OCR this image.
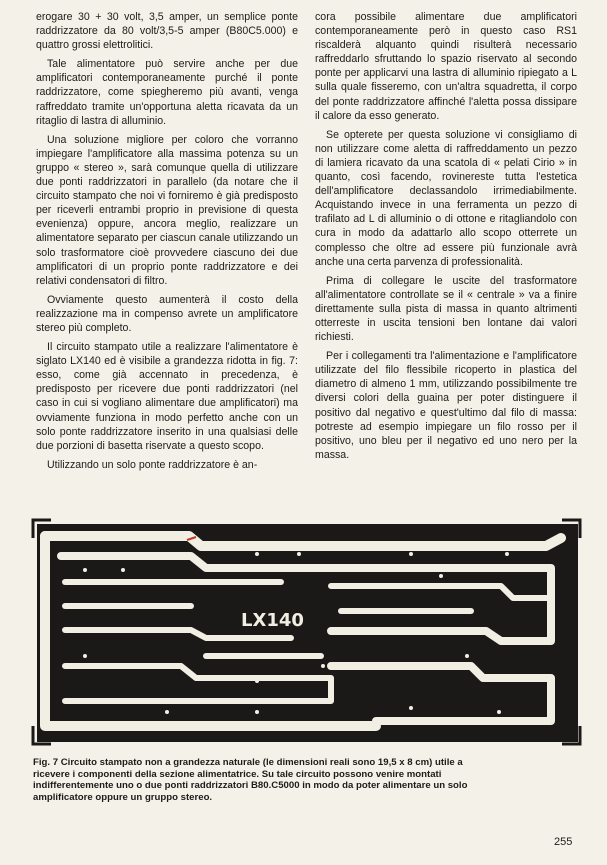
erogare 30 + 30 volt, 3,5 amper, un semplice ponte raddrizzatore da 80 volt/3,5-5 amper (B80C5.000) e quattro grossi elettrolitici.

Tale alimentatore può servire anche per due amplificatori contemporaneamente purché il ponte raddrizzatore, come spiegheremo più avanti, venga raffreddato tramite un'opportuna aletta ricavata da un ritaglio di lastra di alluminio.

Una soluzione migliore per coloro che vorranno impiegare l'amplificatore alla massima potenza su un gruppo « stereo », sarà comunque quella di utilizzare due ponti raddrizzatori in parallelo (da notare che il circuito stampato che noi vi forniremo è già predisposto per riceverli entrambi proprio in previsione di questa evenienza) oppure, ancora meglio, realizzare un alimentatore separato per ciascun canale utilizzando un solo trasformatore cioè provvedere ciascuno dei due amplificatori di un proprio ponte raddrizzatore e dei relativi condensatori di filtro.

Ovviamente questo aumenterà il costo della realizzazione ma in compenso avrete un amplificatore stereo più completo.

Il circuito stampato utile a realizzare l'alimentatore è siglato LX140 ed è visibile a grandezza ridotta in fig. 7: esso, come già accennato in precedenza, è predisposto per ricevere due ponti raddrizzatori (nel caso in cui si vogliano alimentare due amplificatori) ma ovviamente funziona in modo perfetto anche con un solo ponte raddrizzatore inserito in una qualsiasi delle due porzioni di basetta riservate a questo scopo.

Utilizzando un solo ponte raddrizzatore è an-

cora possibile alimentare due amplificatori contemporaneamente però in questo caso RS1 riscalderà alquanto quindi risulterà necessario raffreddarlo sfruttando lo spazio riservato al secondo ponte per applicarvi una lastra di alluminio ripiegato a L sulla quale fisseremo, con un'altra squadretta, il corpo del ponte raddrizzatore affinché l'aletta possa dissipare il calore da esso generato.

Se opterete per questa soluzione vi consigliamo di non utilizzare come aletta di raffreddamento un pezzo di lamiera ricavato da una scatola di « pelati Cirio » in quanto, così facendo, rovinereste tutta l'estetica dell'amplificatore declassandolo irrimediabilmente. Acquistando invece in una ferramenta un pezzo di trafilato ad L di alluminio o di ottone e ritagliandolo con cura in modo da adattarlo allo scopo otterrete un complesso che oltre ad essere più funzionale avrà anche una certa parvenza di professionalità.

Prima di collegare le uscite del trasformatore all'alimentatore controllate se il « centrale » va a finire direttamente sulla pista di massa in quanto altrimenti otterreste in uscita tensioni ben lontane dai valori richiesti.

Per i collegamenti tra l'alimentazione e l'amplificatore utilizzate del filo flessibile ricoperto in plastica del diametro di almeno 1 mm, utilizzando possibilmente tre diversi colori della guaina per poter distinguere il positivo dal negativo e quest'ultimo dal filo di massa: potreste ad esempio impiegare un filo rosso per il positivo, uno bleu per il negativo ed uno nero per la massa.

LX140
Fig. 7 Circuito stampato non a grandezza naturale (le dimensioni reali sono 19,5 x 8 cm) utile a ricevere i componenti della sezione alimentatrice. Su tale circuito possono venire montati indifferentemente uno o due ponti raddrizzatori B80.C5000 in modo da poter alimentare un solo amplificatore oppure un gruppo stereo.
255
